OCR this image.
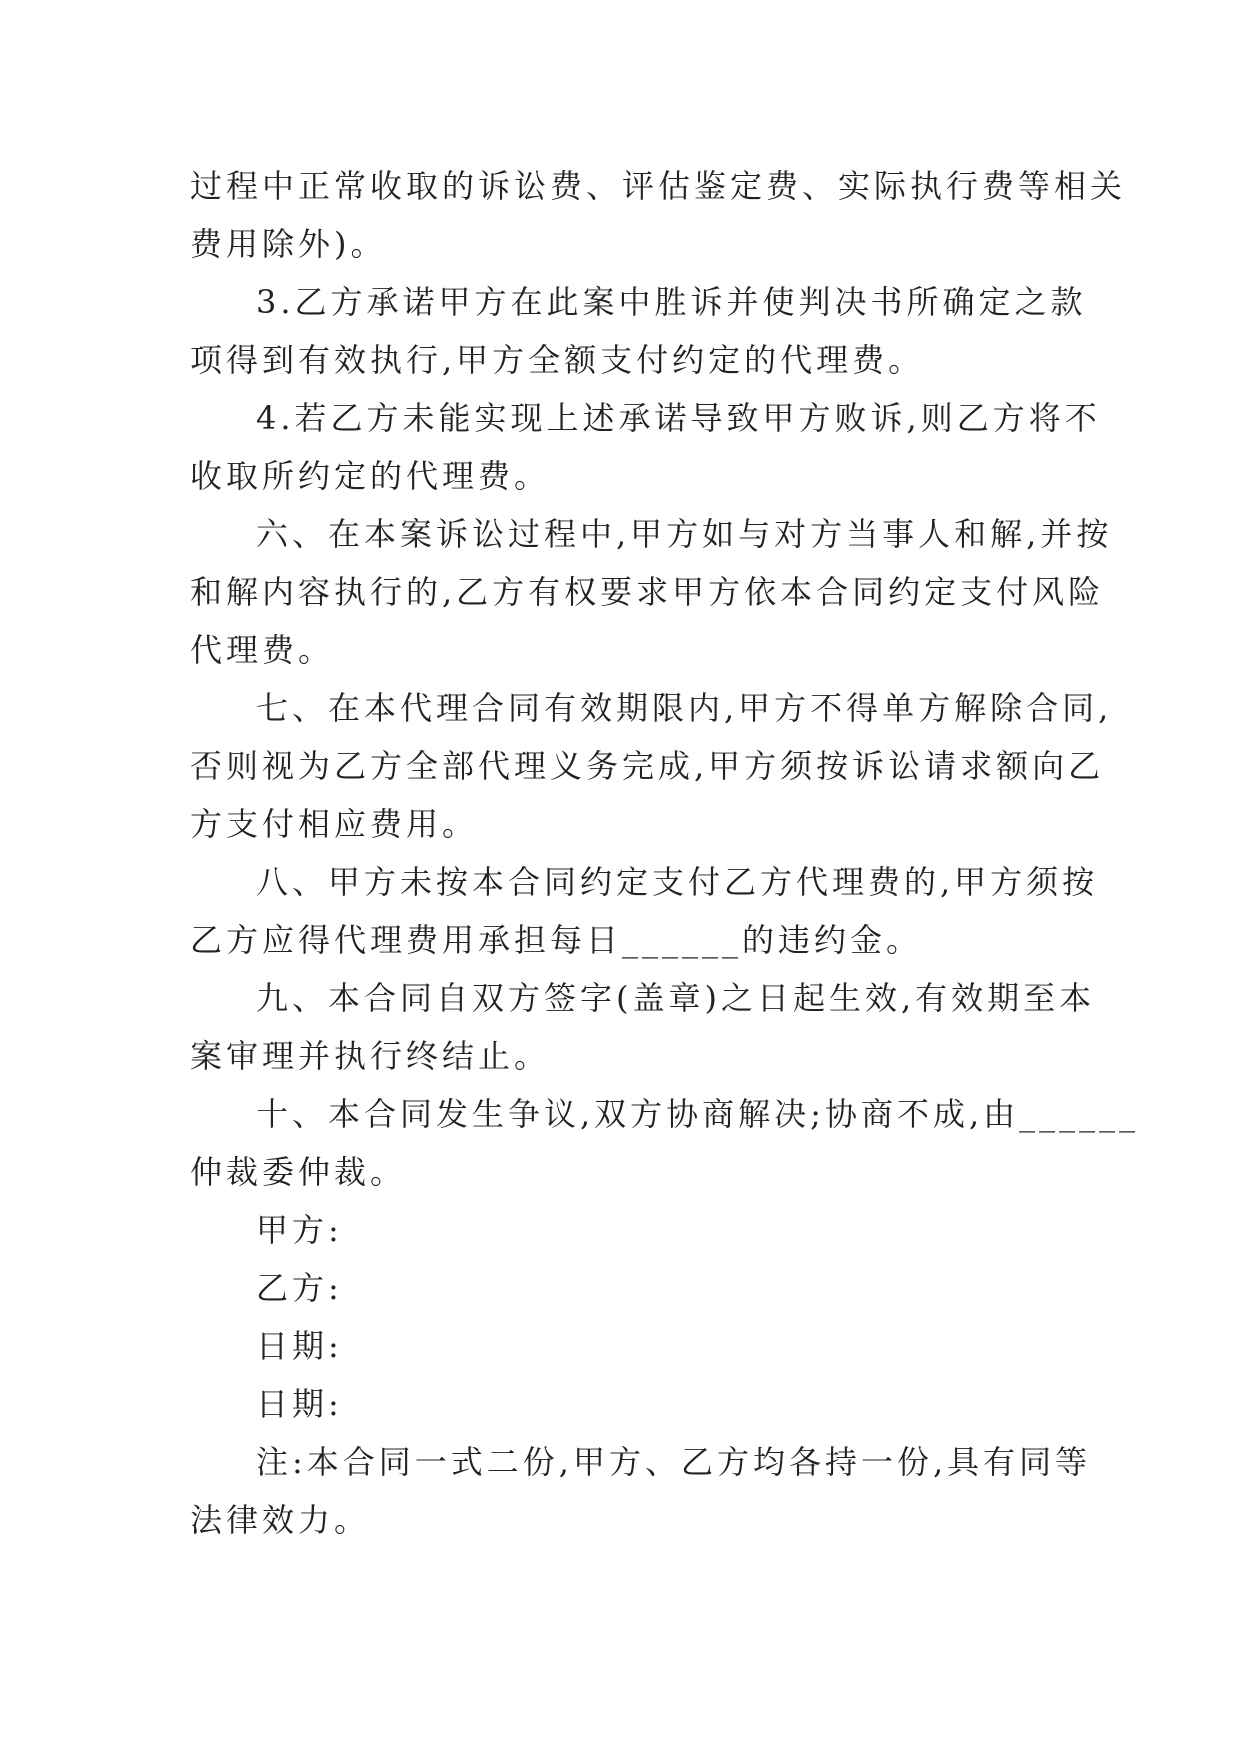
过程中正常收取的诉讼费、评估鉴定费、实际执行费等相关
费用除外)。
3.乙方承诺甲方在此案中胜诉并使判决书所确定之款
项得到有效执行,甲方全额支付约定的代理费。
4.若乙方未能实现上述承诺导致甲方败诉,则乙方将不
收取所约定的代理费。
六、在本案诉讼过程中,甲方如与对方当事人和解,并按
和解内容执行的,乙方有权要求甲方依本合同约定支付风险
代理费。
七、在本代理合同有效期限内,甲方不得单方解除合同,
否则视为乙方全部代理义务完成,甲方须按诉讼请求额向乙
方支付相应费用。
八、甲方未按本合同约定支付乙方代理费的,甲方须按
乙方应得代理费用承担每日______的违约金。
九、本合同自双方签字(盖章)之日起生效,有效期至本
案审理并执行终结止。
十、本合同发生争议,双方协商解决;协商不成,由______
仲裁委仲裁。
甲方:
乙方:
日期:
日期:
注:本合同一式二份,甲方、乙方均各持一份,具有同等
法律效力。
